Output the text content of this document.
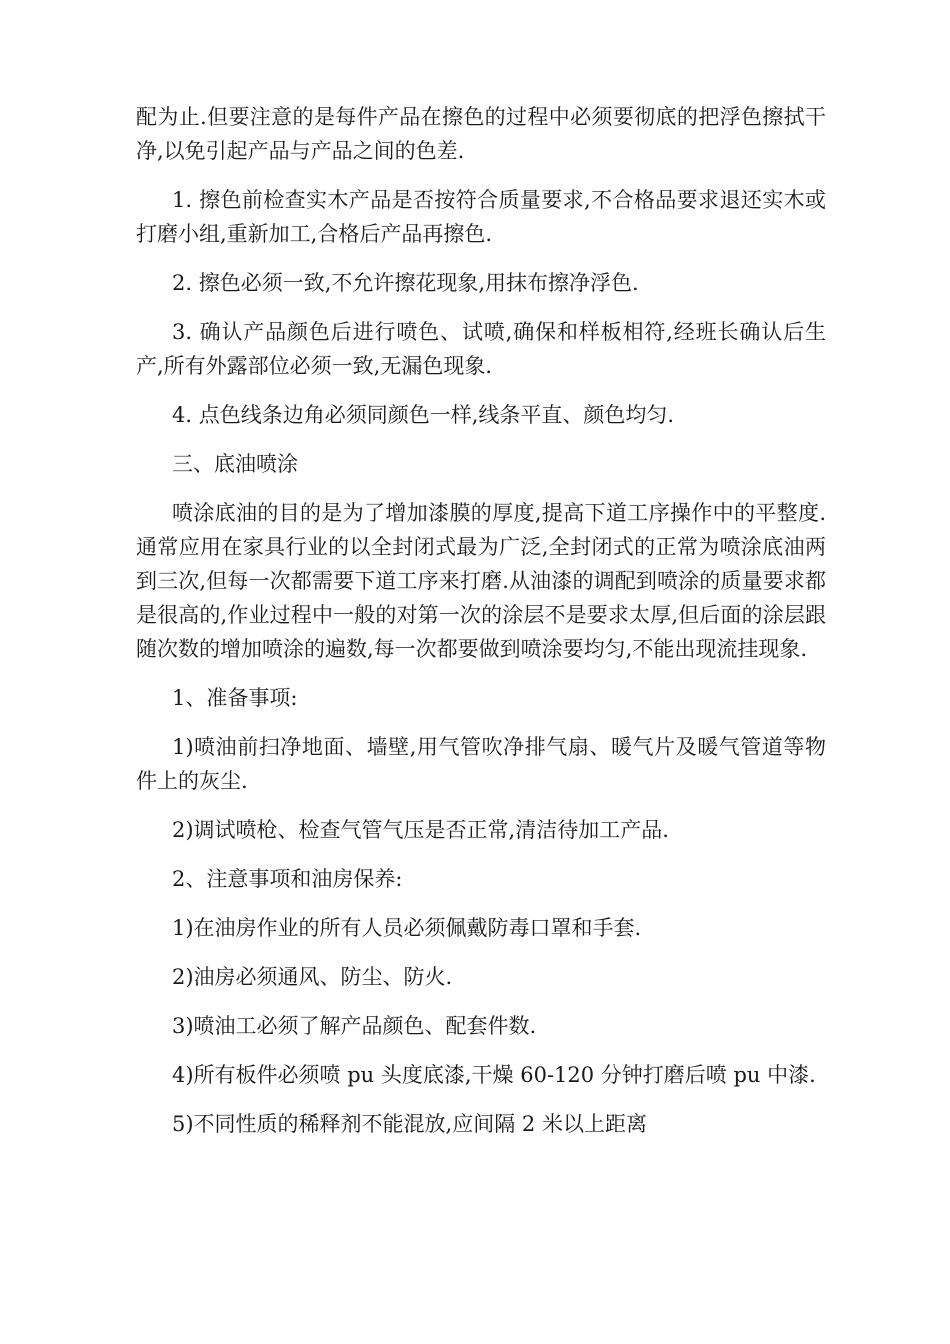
配为止.但要注意的是每件产品在擦色的过程中必须要彻底的把浮色擦拭干净,以免引起产品与产品之间的色差.

1. 擦色前检查实木产品是否按符合质量要求,不合格品要求退还实木或打磨小组,重新加工,合格后产品再擦色.

2. 擦色必须一致,不允许擦花现象,用抹布擦净浮色.

3. 确认产品颜色后进行喷色、试喷,确保和样板相符,经班长确认后生产,所有外露部位必须一致,无漏色现象.

4. 点色线条边角必须同颜色一样,线条平直、颜色均匀.

三、底油喷涂

喷涂底油的目的是为了增加漆膜的厚度,提高下道工序操作中的平整度.通常应用在家具行业的以全封闭式最为广泛,全封闭式的正常为喷涂底油两到三次,但每一次都需要下道工序来打磨.从油漆的调配到喷涂的质量要求都是很高的,作业过程中一般的对第一次的涂层不是要求太厚,但后面的涂层跟随次数的增加喷涂的遍数,每一次都要做到喷涂要均匀,不能出现流挂现象.

1、准备事项:

1)喷油前扫净地面、墙壁,用气管吹净排气扇、暖气片及暖气管道等物件上的灰尘.

2)调试喷枪、检查气管气压是否正常,清洁待加工产品.

2、注意事项和油房保养:

1)在油房作业的所有人员必须佩戴防毒口罩和手套.

2)油房必须通风、防尘、防火.

3)喷油工必须了解产品颜色、配套件数.

4)所有板件必须喷 pu 头度底漆,干燥 60-120 分钟打磨后喷 pu 中漆.

5)不同性质的稀释剂不能混放,应间隔 2 米以上距离
